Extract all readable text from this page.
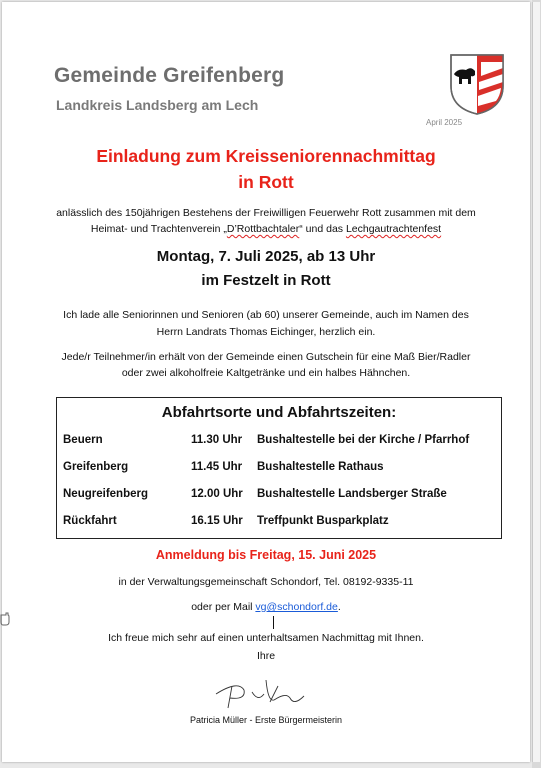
Gemeinde Greifenberg
Landkreis Landsberg am Lech
April 2025
Einladung zum Kreisseniorennachmittag
in Rott
anlässlich des 150jährigen Bestehens der Freiwilligen Feuerwehr Rott zusammen mit dem
Heimat- und Trachtenverein „D’Rottbachtaler“ und das Lechgautrachtenfest
Montag, 7. Juli 2025, ab 13 Uhr
im Festzelt in Rott
Ich lade alle Seniorinnen und Senioren (ab 60) unserer Gemeinde, auch im Namen des
Herrn Landrats Thomas Eichinger, herzlich ein.
Jede/r Teilnehmer/in erhält von der Gemeinde einen Gutschein für eine Maß Bier/Radler
oder zwei alkoholfreie Kaltgetränke und ein halbes Hähnchen.
Abfahrtsorte und Abfahrtszeiten:
Beuern	11.30 Uhr Bushaltestelle bei der Kirche / Pfarrhof
Greifenberg	11.45 Uhr Bushaltestelle Rathaus
Neugreifenberg	12.00 Uhr Bushaltestelle Landsberger Straße
Rückfahrt	16.15 Uhr Treffpunkt Busparkplatz
Anmeldung bis Freitag, 15. Juni 2025
in der Verwaltungsgemeinschaft Schondorf, Tel. 08192-9335-11
oder per Mail vg@schondorf.de.
Ich freue mich sehr auf einen unterhaltsamen Nachmittag mit Ihnen.
Ihre
Patricia Müller - Erste Bürgermeisterin
